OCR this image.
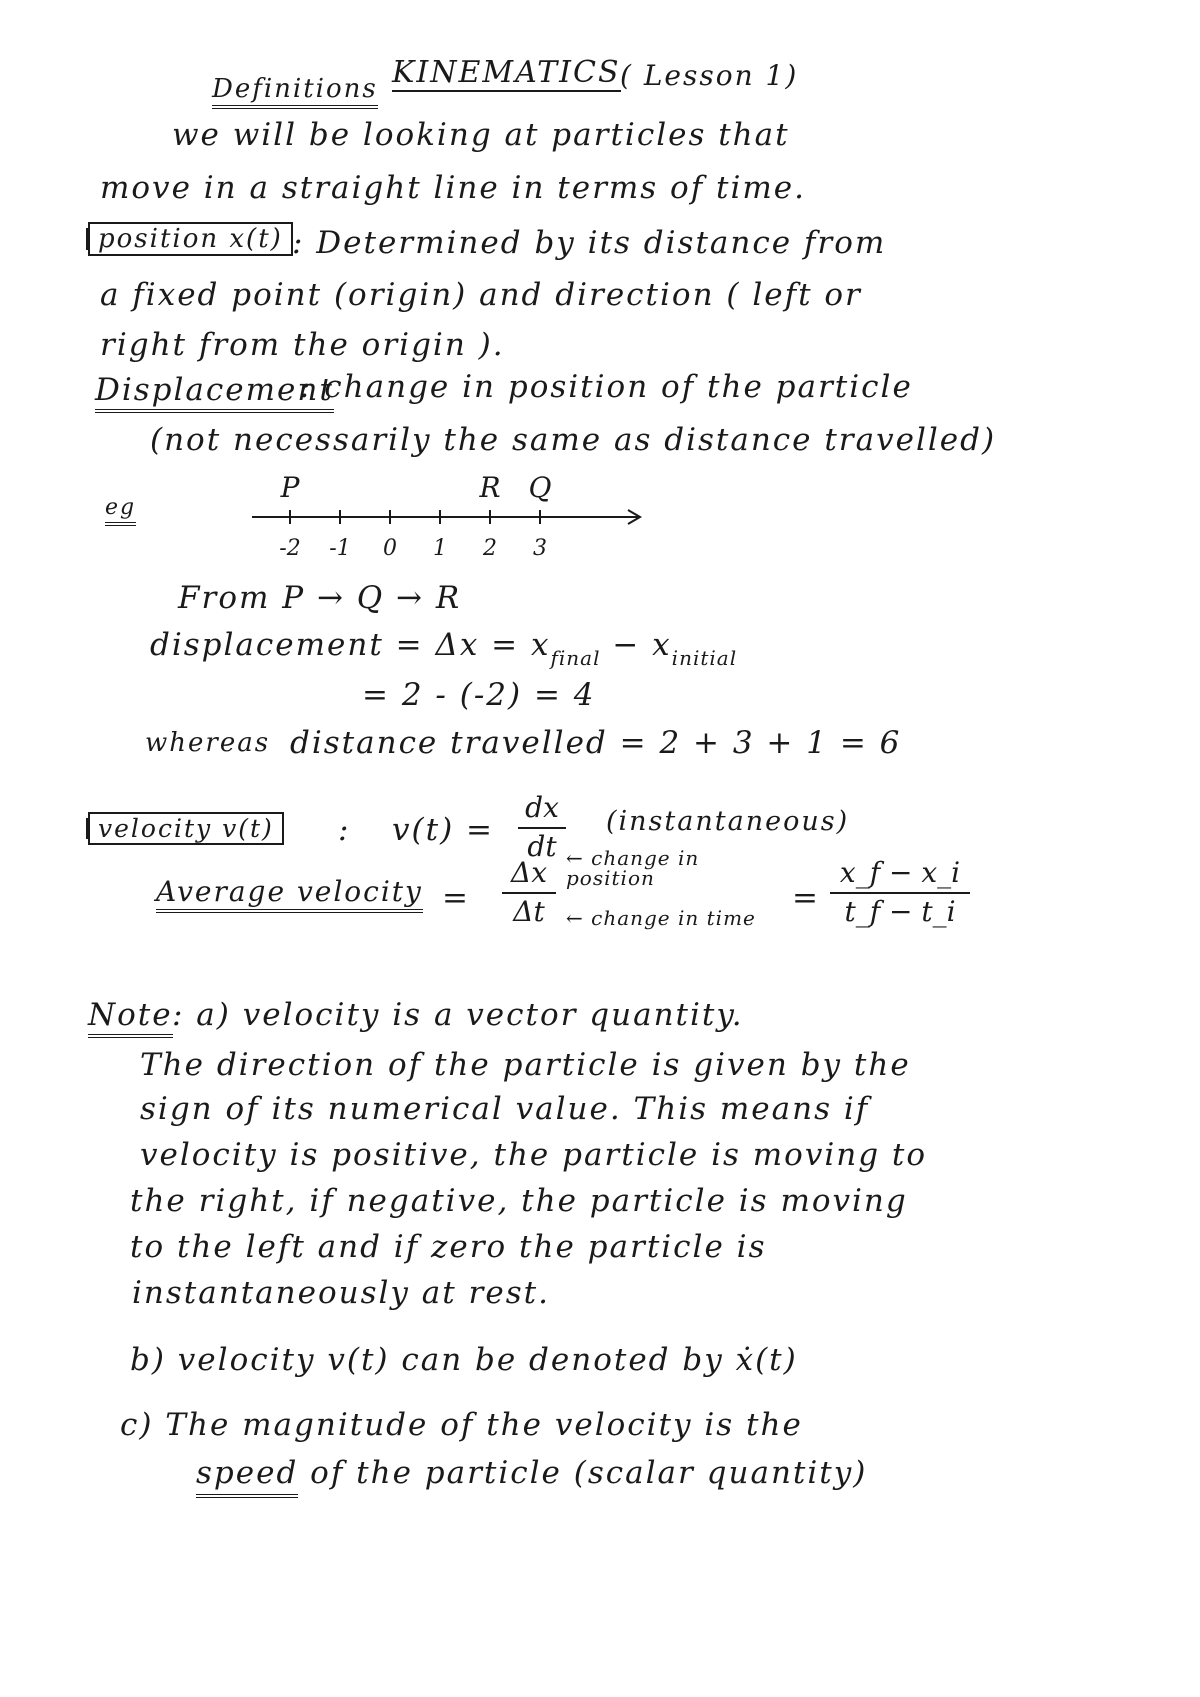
Definitions KINEMATICS ( Lesson 1)
we will be looking at particles that
move in a straight line in terms of time.
position x(t) : Determined by its distance from
a fixed point (origin) and direction ( left or
right from the origin ).
Displacement
: change in position of the particle
(not necessarily the same as distance travelled)
eg
-2 -1 0 1 2 3
P	R Q
From P → Q → R
displacement = $\Delta x = x_{final} - x_{initial}$
= 2 - (-2) = 4
whereas distance travelled = 2 + 3 + 1 = 6
velocity v(t)	: v(t) =
dx
dt
(instantaneous)
Average velocity =
Δx
Δt
← change in position
← change in time
=
x_f − x_i
t_f − t_i
Note : a) velocity is a vector quantity.
The direction of the particle is given by the
sign of its numerical value. This means if
velocity is positive, the particle is moving to
the right, if negative, the particle is moving
to the left and if zero the particle is
instantaneously at rest.
b) velocity v(t) can be denoted by ẋ(t)
c) The magnitude of the velocity is the
speed of the particle (scalar quantity)
